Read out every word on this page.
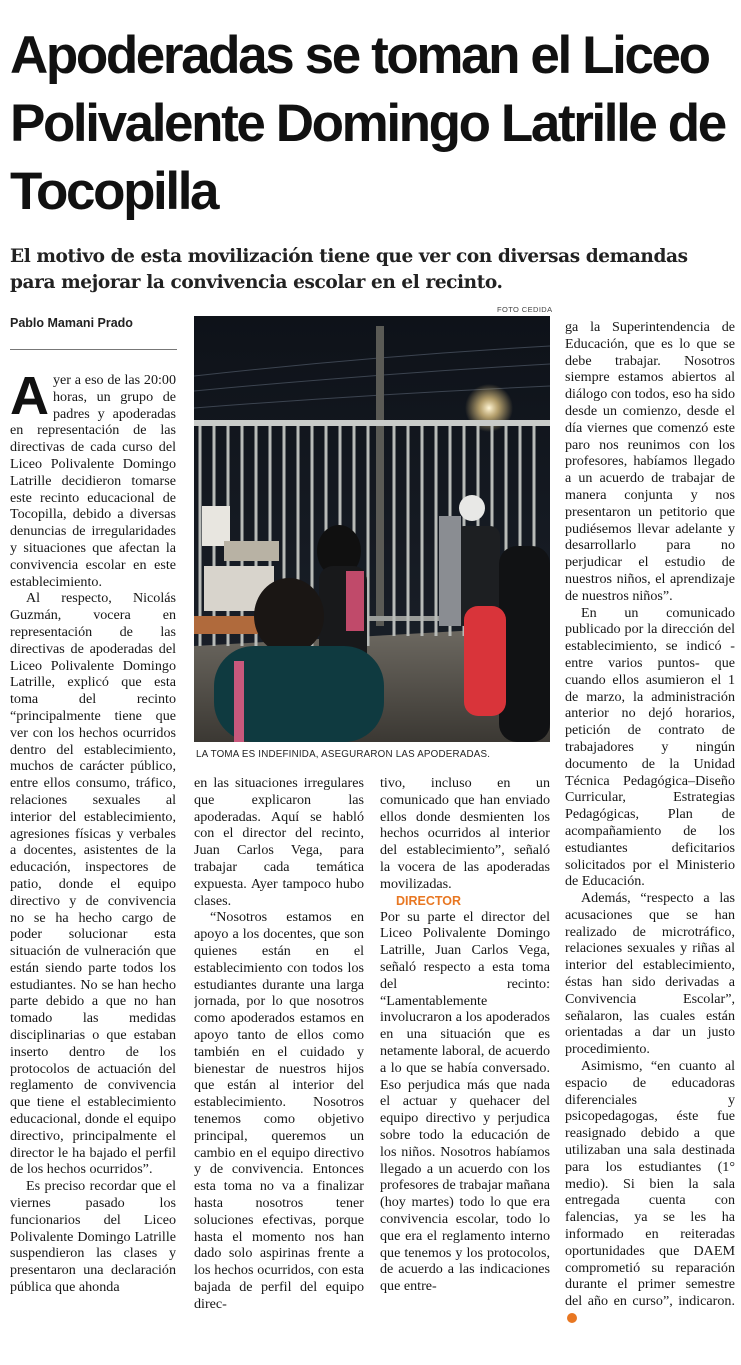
Apoderadas se toman el Liceo Polivalente Domingo Latrille de Tocopilla
El motivo de esta movilización tiene que ver con diversas demandas para mejorar la convivencia escolar en el recinto.
Pablo Mamani Prado
FOTO CEDIDA
LA TOMA ES INDEFINIDA, ASEGURARON LAS APODERADAS.

Ayer a eso de las 20:00 horas, un grupo de padres y apoderadas en representación de las directivas de cada curso del Liceo Polivalente Domingo Latrille decidieron tomarse este recinto educacional de Tocopilla, debido a diversas denuncias de irregularidades y situaciones que afectan la convivencia escolar en este establecimiento.

Al respecto, Nicolás Guzmán, vocera en representación de las directivas de apoderadas del Liceo Polivalente Domingo Latrille, explicó que esta toma del recinto “principalmente tiene que ver con los hechos ocurridos dentro del establecimiento, muchos de carácter público, entre ellos consumo, tráfico, relaciones sexuales al interior del establecimiento, agresiones físicas y verbales a docentes, asistentes de la educación, inspectores de patio, donde el equipo directivo y de convivencia no se ha hecho cargo de poder solucionar esta situación de vulneración que están siendo parte todos los estudiantes. No se han hecho parte debido a que no han tomado las medidas disciplinarias o que estaban inserto dentro de los protocolos de actuación del reglamento de convivencia que tiene el establecimiento educacional, donde el equipo directivo, principalmente el director le ha bajado el perfil de los hechos ocurridos”.

Es preciso recordar que el viernes pasado los funcionarios del Liceo Polivalente Domingo Latrille suspendieron las clases y presentaron una declaración pública que ahonda

en las situaciones irregulares que explicaron las apoderadas. Aquí se habló con el director del recinto, Juan Carlos Vega, para trabajar cada temática expuesta. Ayer tampoco hubo clases.

“Nosotros estamos en apoyo a los docentes, que son quienes están en el establecimiento con todos los estudiantes durante una larga jornada, por lo que nosotros como apoderados estamos en apoyo tanto de ellos como también en el cuidado y bienestar de nuestros hijos que están al interior del establecimiento. Nosotros tenemos como objetivo principal, queremos un cambio en el equipo directivo y de convivencia. Entonces esta toma no va a finalizar hasta nosotros tener soluciones efectivas, porque hasta el momento nos han dado solo aspirinas frente a los hechos ocurridos, con esta bajada de perfil del equipo direc-

tivo, incluso en un comunicado que han enviado ellos donde desmienten los hechos ocurridos al interior del establecimiento”, señaló la vocera de las apoderadas movilizadas.

DIRECTOR

Por su parte el director del Liceo Polivalente Domingo Latrille, Juan Carlos Vega, señaló respecto a esta toma del recinto: “Lamentablemente involucraron a los apoderados en una situación que es netamente laboral, de acuerdo a lo que se había conversado. Eso perjudica más que nada el actuar y quehacer del equipo directivo y perjudica sobre todo la educación de los niños. Nosotros habíamos llegado a un acuerdo con los profesores de trabajar mañana (hoy martes) todo lo que era convivencia escolar, todo lo que era el reglamento interno que tenemos y los protocolos, de acuerdo a las indicaciones que entre-

ga la Superintendencia de Educación, que es lo que se debe trabajar. Nosotros siempre estamos abiertos al diálogo con todos, eso ha sido desde un comienzo, desde el día viernes que comenzó este paro nos reunimos con los profesores, habíamos llegado a un acuerdo de trabajar de manera conjunta y nos presentaron un petitorio que pudiésemos llevar adelante y desarrollarlo para no perjudicar el estudio de nuestros niños, el aprendizaje de nuestros niños”.

En un comunicado publicado por la dirección del establecimiento, se indicó -entre varios puntos- que cuando ellos asumieron el 1 de marzo, la administración anterior no dejó horarios, petición de contrato de trabajadores y ningún documento de la Unidad Técnica Pedagógica–Diseño Curricular, Estrategias Pedagógicas, Plan de acompañamiento de los estudiantes deficitarios solicitados por el Ministerio de Educación.

Además, “respecto a las acusaciones que se han realizado de microtráfico, relaciones sexuales y riñas al interior del establecimiento, éstas han sido derivadas a Convivencia Escolar”, señalaron, las cuales están orientadas a dar un justo procedimiento.

Asimismo, “en cuanto al espacio de educadoras diferenciales y psicopedagogas, éste fue reasignado debido a que utilizaban una sala destinada para los estudiantes (1° medio). Si bien la sala entregada cuenta con falencias, ya se les ha informado en reiteradas oportunidades que DAEM comprometió su reparación durante el primer semestre del año en curso”, indicaron.
